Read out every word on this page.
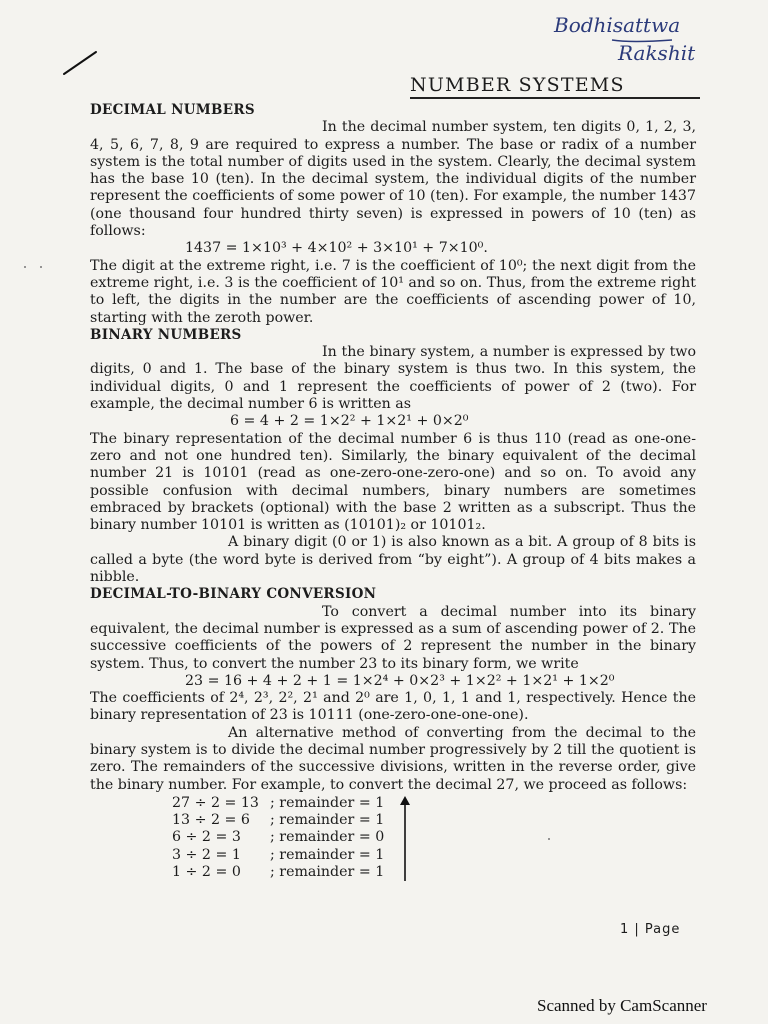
Bodhisattwa
Rakshit
NUMBER SYSTEMS
DECIMAL NUMBERS
In the decimal number system, ten digits 0, 1, 2, 3, 4, 5, 6, 7, 8, 9 are required to express a number. The base or radix of a number system is the total number of digits used in the system. Clearly, the decimal system has the base 10 (ten). In the decimal system, the individual digits of the number represent the coefficients of some power of 10 (ten). For example, the number 1437 (one thousand four hundred thirty seven) is expressed in powers of 10 (ten) as follows:
1437 = 1×10³ + 4×10² + 3×10¹ + 7×10⁰.
The digit at the extreme right, i.e. 7 is the coefficient of 10⁰; the next digit from the extreme right, i.e. 3 is the coefficient of 10¹ and so on. Thus, from the extreme right to left, the digits in the number are the coefficients of ascending power of 10, starting with the zeroth power.
BINARY NUMBERS
In the binary system, a number is expressed by two digits, 0 and 1. The base of the binary system is thus two. In this system, the individual digits, 0 and 1 represent the coefficients of power of 2 (two). For example, the decimal number 6 is written as
6 = 4 + 2 = 1×2² + 1×2¹ + 0×2⁰
The binary representation of the decimal number 6 is thus 110 (read as one-one-zero and not one hundred ten). Similarly, the binary equivalent of the decimal number 21 is 10101 (read as one-zero-one-zero-one) and so on. To avoid any possible confusion with decimal numbers, binary numbers are sometimes embraced by brackets (optional) with the base 2 written as a subscript. Thus the binary number 10101 is written as (10101)₂ or 10101₂.
A binary digit (0 or 1) is also known as a bit. A group of 8 bits is called a byte (the word byte is derived from “by eight”). A group of 4 bits makes a nibble.
DECIMAL-TO-BINARY CONVERSION
To convert a decimal number into its binary equivalent, the decimal number is expressed as a sum of ascending power of 2. The successive coefficients of the powers of 2 represent the number in the binary system. Thus, to convert the number 23 to its binary form, we write
23 = 16 + 4 + 2 + 1 = 1×2⁴ + 0×2³ + 1×2² + 1×2¹ + 1×2⁰
The coefficients of 2⁴, 2³, 2², 2¹ and 2⁰ are 1, 0, 1, 1 and 1, respectively. Hence the binary representation of 23 is 10111 (one-zero-one-one-one).
An alternative method of converting from the decimal to the binary system is to divide the decimal number progressively by 2 till the quotient is zero. The remainders of the successive divisions, written in the reverse order, give the binary number. For example, to convert the decimal 27, we proceed as follows:
27 ÷ 2 = 13 ; remainder = 1
13 ÷ 2 = 6	; remainder = 1
6 ÷ 2 = 3	; remainder = 0
3 ÷ 2 = 1	; remainder = 1
1 ÷ 2 = 0	; remainder = 1
1 | Page
Scanned by CamScanner
